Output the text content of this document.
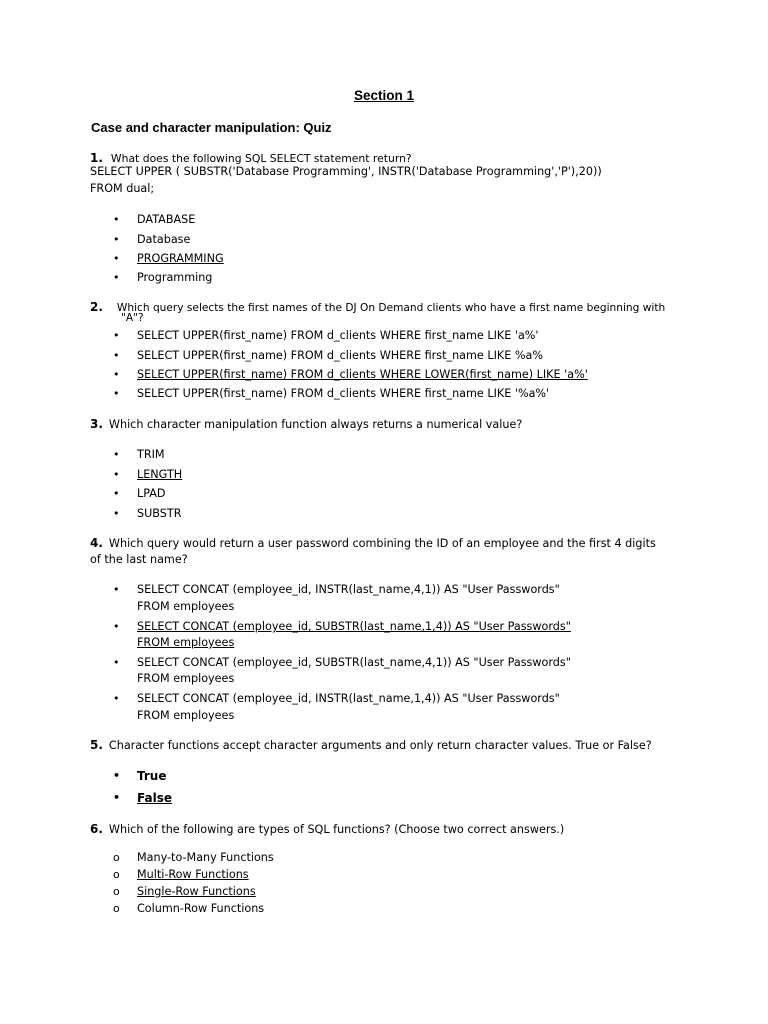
Section 1
Case and character manipulation: Quiz
1. What does the following SQL SELECT statement return?
SELECT UPPER ( SUBSTR('Database Programming', INSTR('Database Programming','P'),20))
FROM dual;
• DATABASE
• Database
• PROGRAMMING
• Programming
2. Which query selects the first names of the DJ On Demand clients who have a first name beginning with
"A"?
• SELECT UPPER(first_name) FROM d_clients WHERE first_name LIKE 'a%'
• SELECT UPPER(first_name) FROM d_clients WHERE first_name LIKE %a%
• SELECT UPPER(first_name) FROM d_clients WHERE LOWER(first_name) LIKE 'a%'
• SELECT UPPER(first_name) FROM d_clients WHERE first_name LIKE '%a%'
3. Which character manipulation function always returns a numerical value?
• TRIM
• LENGTH
• LPAD
• SUBSTR
4. Which query would return a user password combining the ID of an employee and the first 4 digits
of the last name?
• SELECT CONCAT (employee_id, INSTR(last_name,4,1)) AS "User Passwords"
FROM employees
• SELECT CONCAT (employee_id, SUBSTR(last_name,1,4)) AS "User Passwords"
FROM employees
• SELECT CONCAT (employee_id, SUBSTR(last_name,4,1)) AS "User Passwords"
FROM employees
• SELECT CONCAT (employee_id, INSTR(last_name,1,4)) AS "User Passwords"
FROM employees
5. Character functions accept character arguments and only return character values. True or False?
• True
• False
6. Which of the following are types of SQL functions? (Choose two correct answers.)
o Many-to-Many Functions
o Multi-Row Functions
o Single-Row Functions
o Column-Row Functions
